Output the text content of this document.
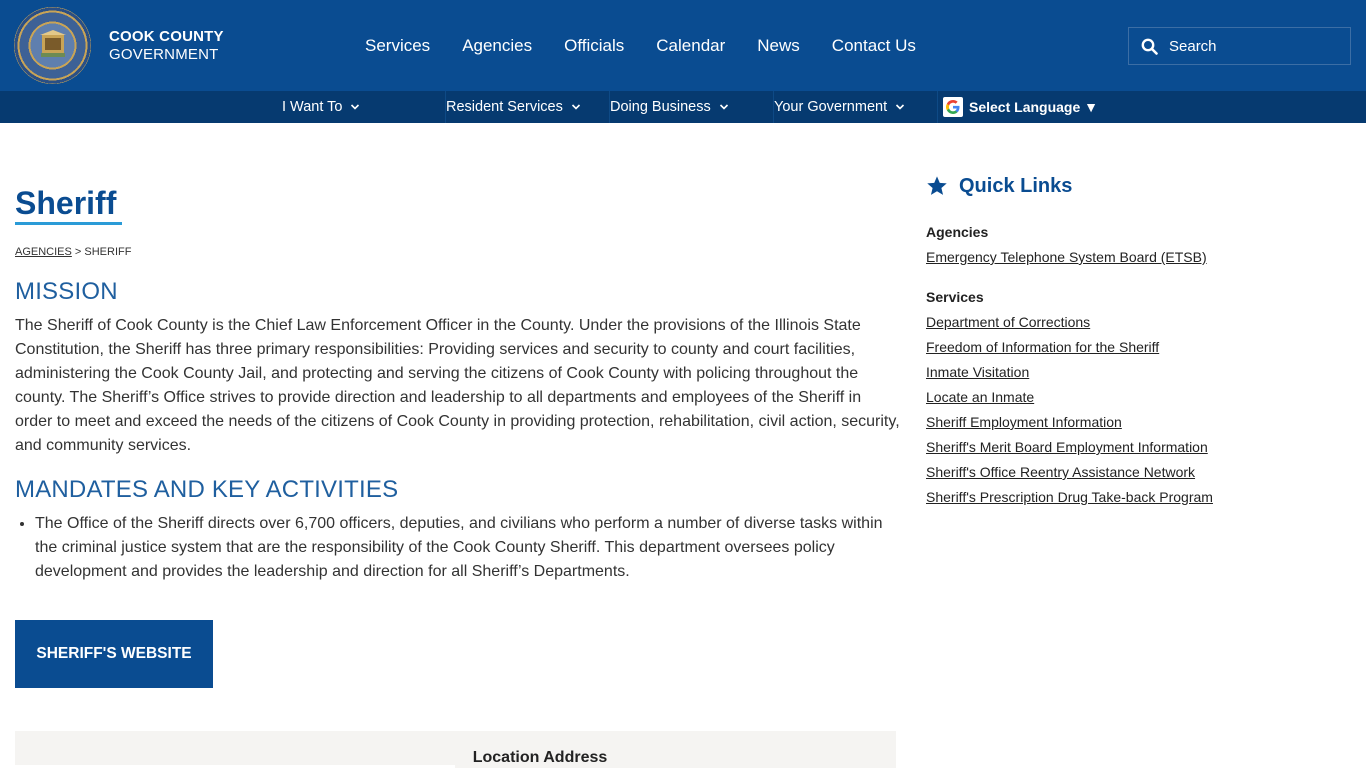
COOK COUNTY
GOVERNMENT	Services Agencies Officials Calendar News Contact Us
Search
I Want To	Resident Services	Doing Business	Your Government	Select Language ▼
Sheriff
AGENCIES > SHERIFF
MISSION

The Sheriff of Cook County is the Chief Law Enforcement Officer in the County. Under the provisions of the Illinois State Constitution, the Sheriff has three primary responsibilities: Providing services and security to county and court facilities, administering the Cook County Jail, and protecting and serving the citizens of Cook County with policing throughout the county. The Sheriff’s Office strives to provide direction and leadership to all departments and employees of the Sheriff in order to meet and exceed the needs of the citizens of Cook County in providing protection, rehabilitation, civil action, security, and community services.

MANDATES AND KEY ACTIVITIES
• The Office of the Sheriff directs over 6,700 officers, deputies, and civilians who perform a number of diverse tasks within the criminal justice system that are the responsibility of the Cook County Sheriff. This department oversees policy development and provides the leadership and direction for all Sheriff’s Departments.
SHERIFF'S WEBSITE
Location Address
Quick Links
Agencies
Emergency Telephone System Board (ETSB)
Services
Department of Corrections
Freedom of Information for the Sheriff
Inmate Visitation
Locate an Inmate
Sheriff Employment Information
Sheriff's Merit Board Employment Information
Sheriff's Office Reentry Assistance Network
Sheriff's Prescription Drug Take-back Program
